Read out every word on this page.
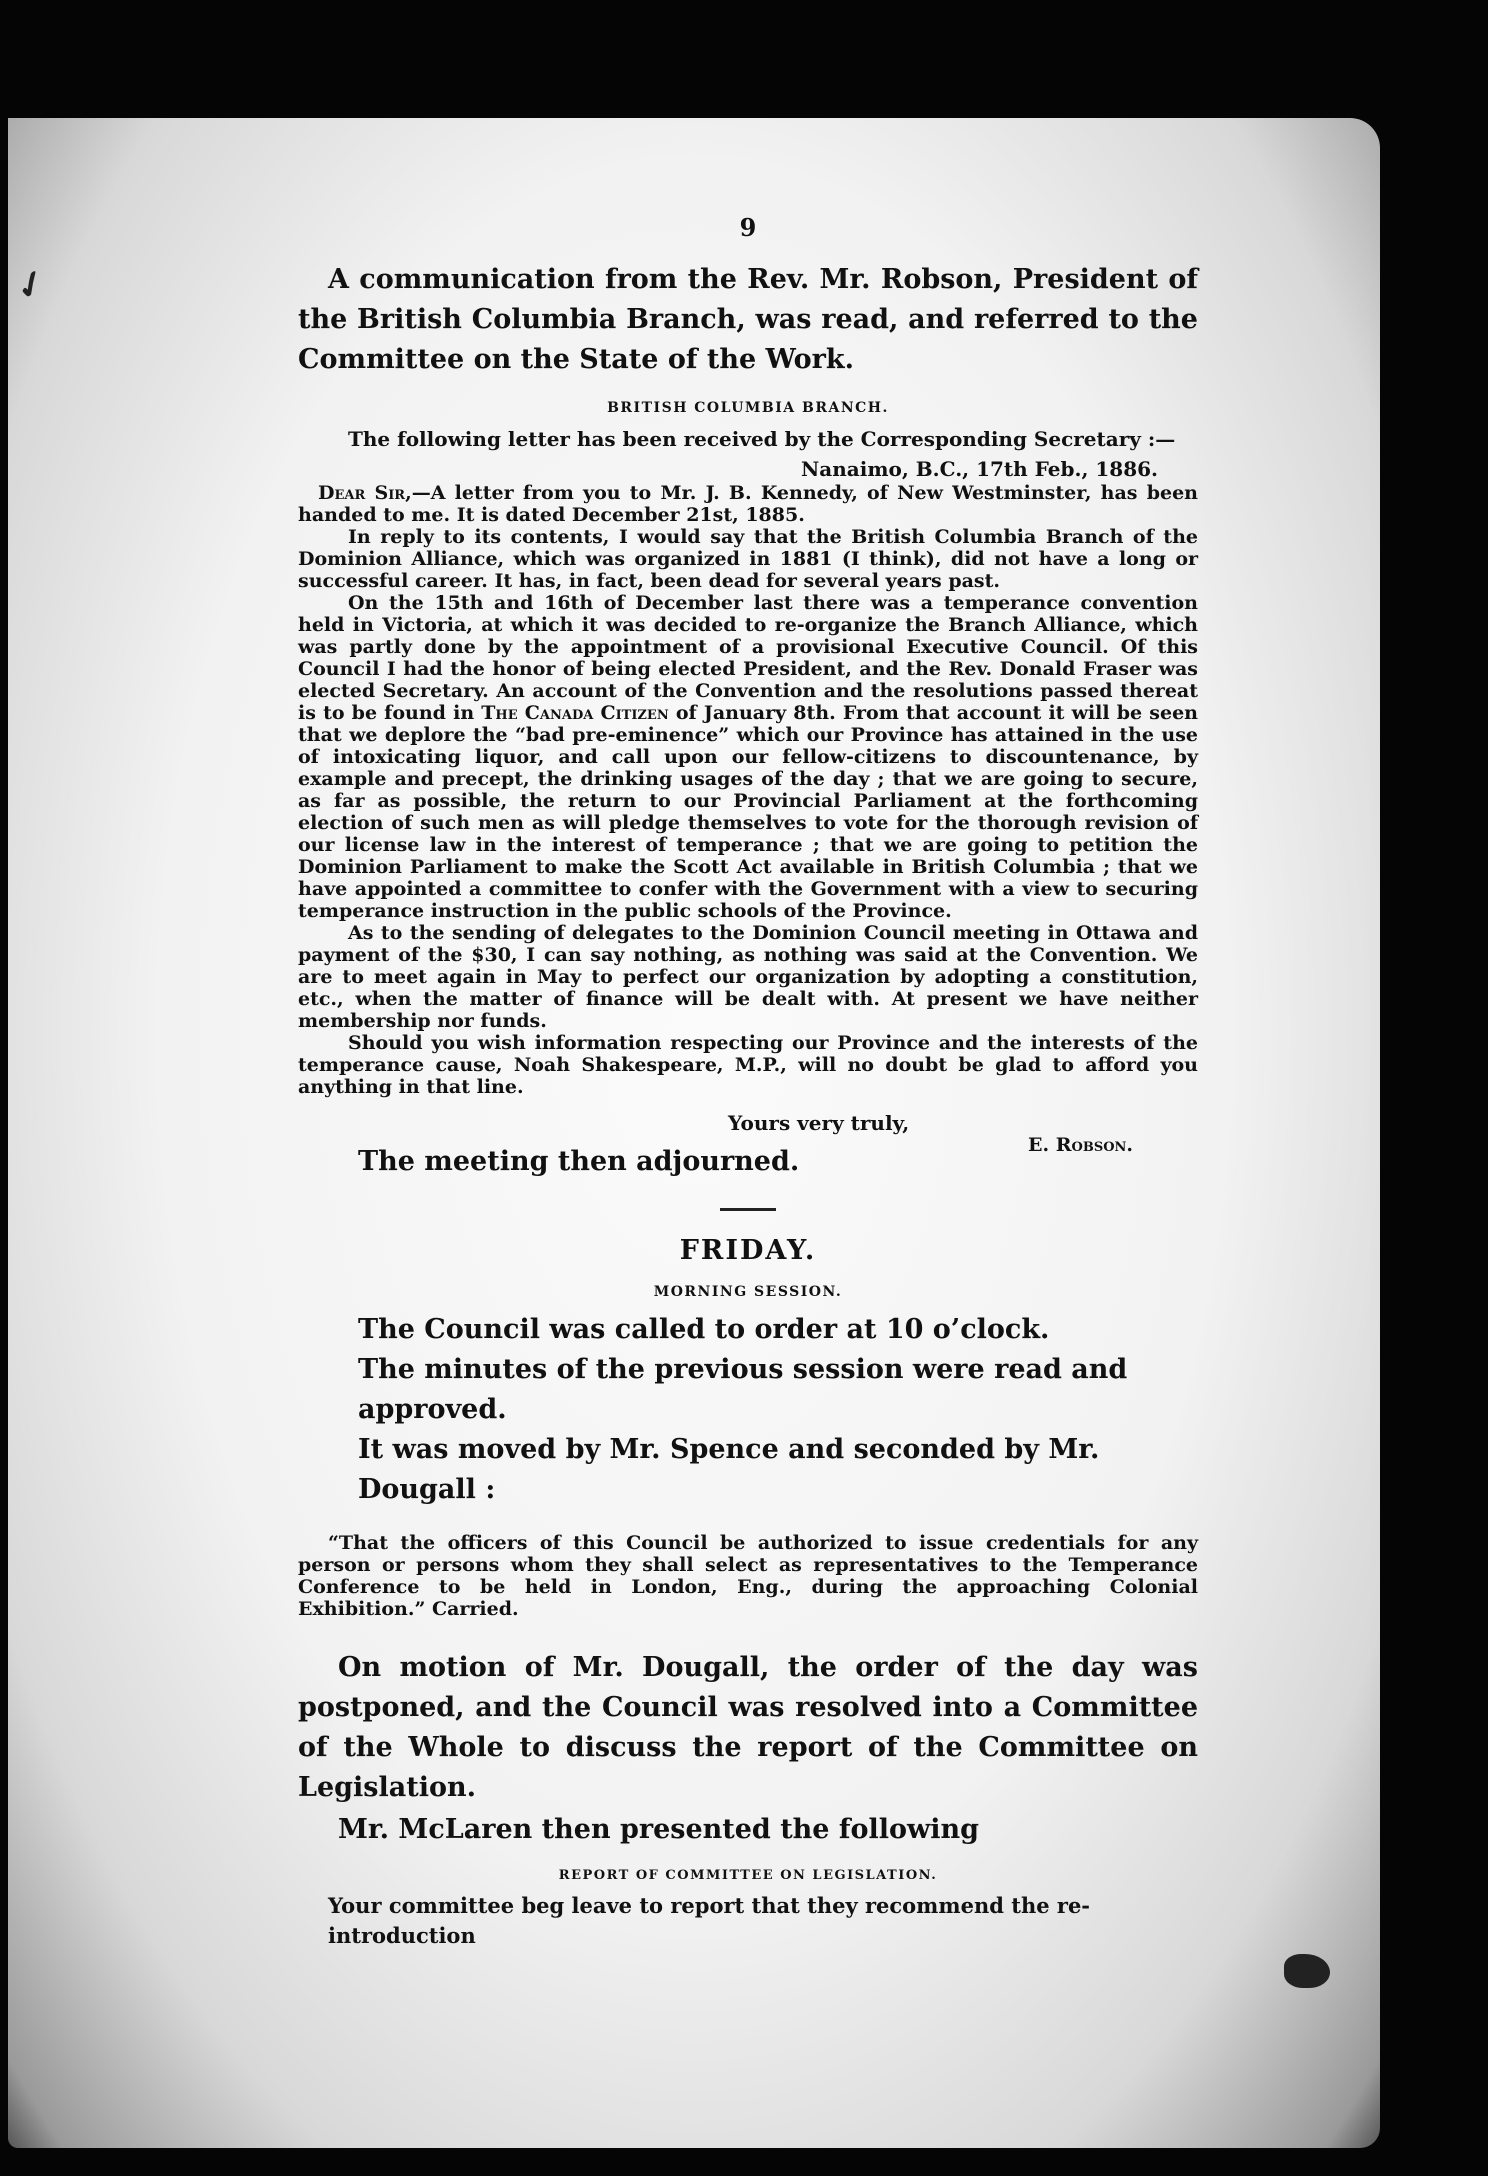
✓

9

A communication from the Rev. Mr. Robson, President of the British Columbia Branch, was read, and referred to the Committee on the State of the Work.

BRITISH COLUMBIA BRANCH.

The following letter has been received by the Corresponding Secretary :—

Nanaimo, B.C., 17th Feb., 1886.

Dear Sir,—A letter from you to Mr. J. B. Kennedy, of New Westminster, has been handed to me. It is dated December 21st, 1885.

In reply to its contents, I would say that the British Columbia Branch of the Dominion Alliance, which was organized in 1881 (I think), did not have a long or successful career. It has, in fact, been dead for several years past.

On the 15th and 16th of December last there was a temperance convention held in Victoria, at which it was decided to re-organize the Branch Alliance, which was partly done by the appointment of a provisional Executive Council. Of this Council I had the honor of being elected President, and the Rev. Donald Fraser was elected Secretary. An account of the Convention and the resolutions passed thereat is to be found in The Canada Citizen of January 8th. From that account it will be seen that we deplore the “bad pre-eminence” which our Province has attained in the use of intoxicating liquor, and call upon our fellow-citizens to discountenance, by example and precept, the drinking usages of the day ; that we are going to secure, as far as possible, the return to our Provincial Parliament at the forthcoming election of such men as will pledge themselves to vote for the thorough revision of our license law in the interest of temperance ; that we are going to petition the Dominion Parliament to make the Scott Act available in British Columbia ; that we have appointed a committee to confer with the Government with a view to securing temperance instruction in the public schools of the Province.

As to the sending of delegates to the Dominion Council meeting in Ottawa and payment of the $30, I can say nothing, as nothing was said at the Convention. We are to meet again in May to perfect our organization by adopting a constitution, etc., when the matter of finance will be dealt with. At present we have neither membership nor funds.

Should you wish information respecting our Province and the interests of the temperance cause, Noah Shakespeare, M.P., will no doubt be glad to afford you anything in that line.

Yours very truly,

The meeting then adjourned.
E. Robson.

FRIDAY.

MORNING SESSION.

The Council was called to order at 10 o’clock.

The minutes of the previous session were read and approved.

It was moved by Mr. Spence and seconded by Mr. Dougall :

“That the officers of this Council be authorized to issue credentials for any person or persons whom they shall select as representatives to the Temperance Conference to be held in London, Eng., during the approaching Colonial Exhibition.” Carried.

On motion of Mr. Dougall, the order of the day was postponed, and the Council was resolved into a Committee of the Whole to discuss the report of the Committee on Legislation.

Mr. McLaren then presented the following

REPORT OF COMMITTEE ON LEGISLATION.

Your committee beg leave to report that they recommend the re-introduction
